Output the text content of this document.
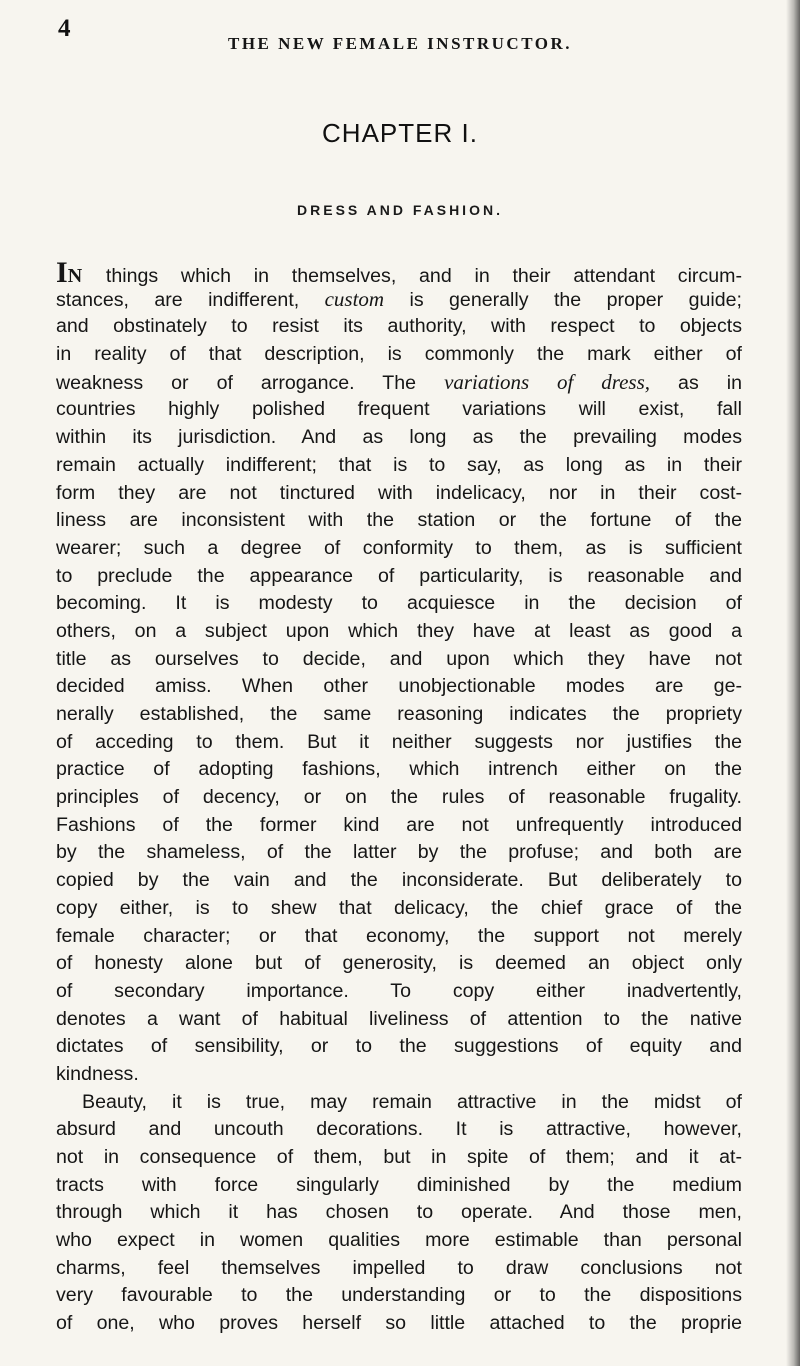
4
THE NEW FEMALE INSTRUCTOR.
CHAPTER I.
DRESS AND FASHION.
IN things which in themselves, and in their attendant circum-
stances, are indifferent, custom is generally the proper guide;
and obstinately to resist its authority, with respect to objects
in reality of that description, is commonly the mark either of
weakness or of arrogance. The variations of dress, as in
countries highly polished frequent variations will exist, fall
within its jurisdiction. And as long as the prevailing modes
remain actually indifferent; that is to say, as long as in their
form they are not tinctured with indelicacy, nor in their cost-
liness are inconsistent with the station or the fortune of the
wearer; such a degree of conformity to them, as is sufficient
to preclude the appearance of particularity, is reasonable and
becoming. It is modesty to acquiesce in the decision of
others, on a subject upon which they have at least as good a
title as ourselves to decide, and upon which they have not
decided amiss. When other unobjectionable modes are ge-
nerally established, the same reasoning indicates the propriety
of acceding to them. But it neither suggests nor justifies the
practice of adopting fashions, which intrench either on the
principles of decency, or on the rules of reasonable frugality.
Fashions of the former kind are not unfrequently introduced
by the shameless, of the latter by the profuse; and both are
copied by the vain and the inconsiderate. But deliberately to
copy either, is to shew that delicacy, the chief grace of the
female character; or that economy, the support not merely
of honesty alone but of generosity, is deemed an object only
of secondary importance. To copy either inadvertently,
denotes a want of habitual liveliness of attention to the native
dictates of sensibility, or to the suggestions of equity and
kindness.
Beauty, it is true, may remain attractive in the midst of
absurd and uncouth decorations. It is attractive, however,
not in consequence of them, but in spite of them; and it at-
tracts with force singularly diminished by the medium
through which it has chosen to operate. And those men,
who expect in women qualities more estimable than personal
charms, feel themselves impelled to draw conclusions not
very favourable to the understanding or to the dispositions
of one, who proves herself so little attached to the proprie
